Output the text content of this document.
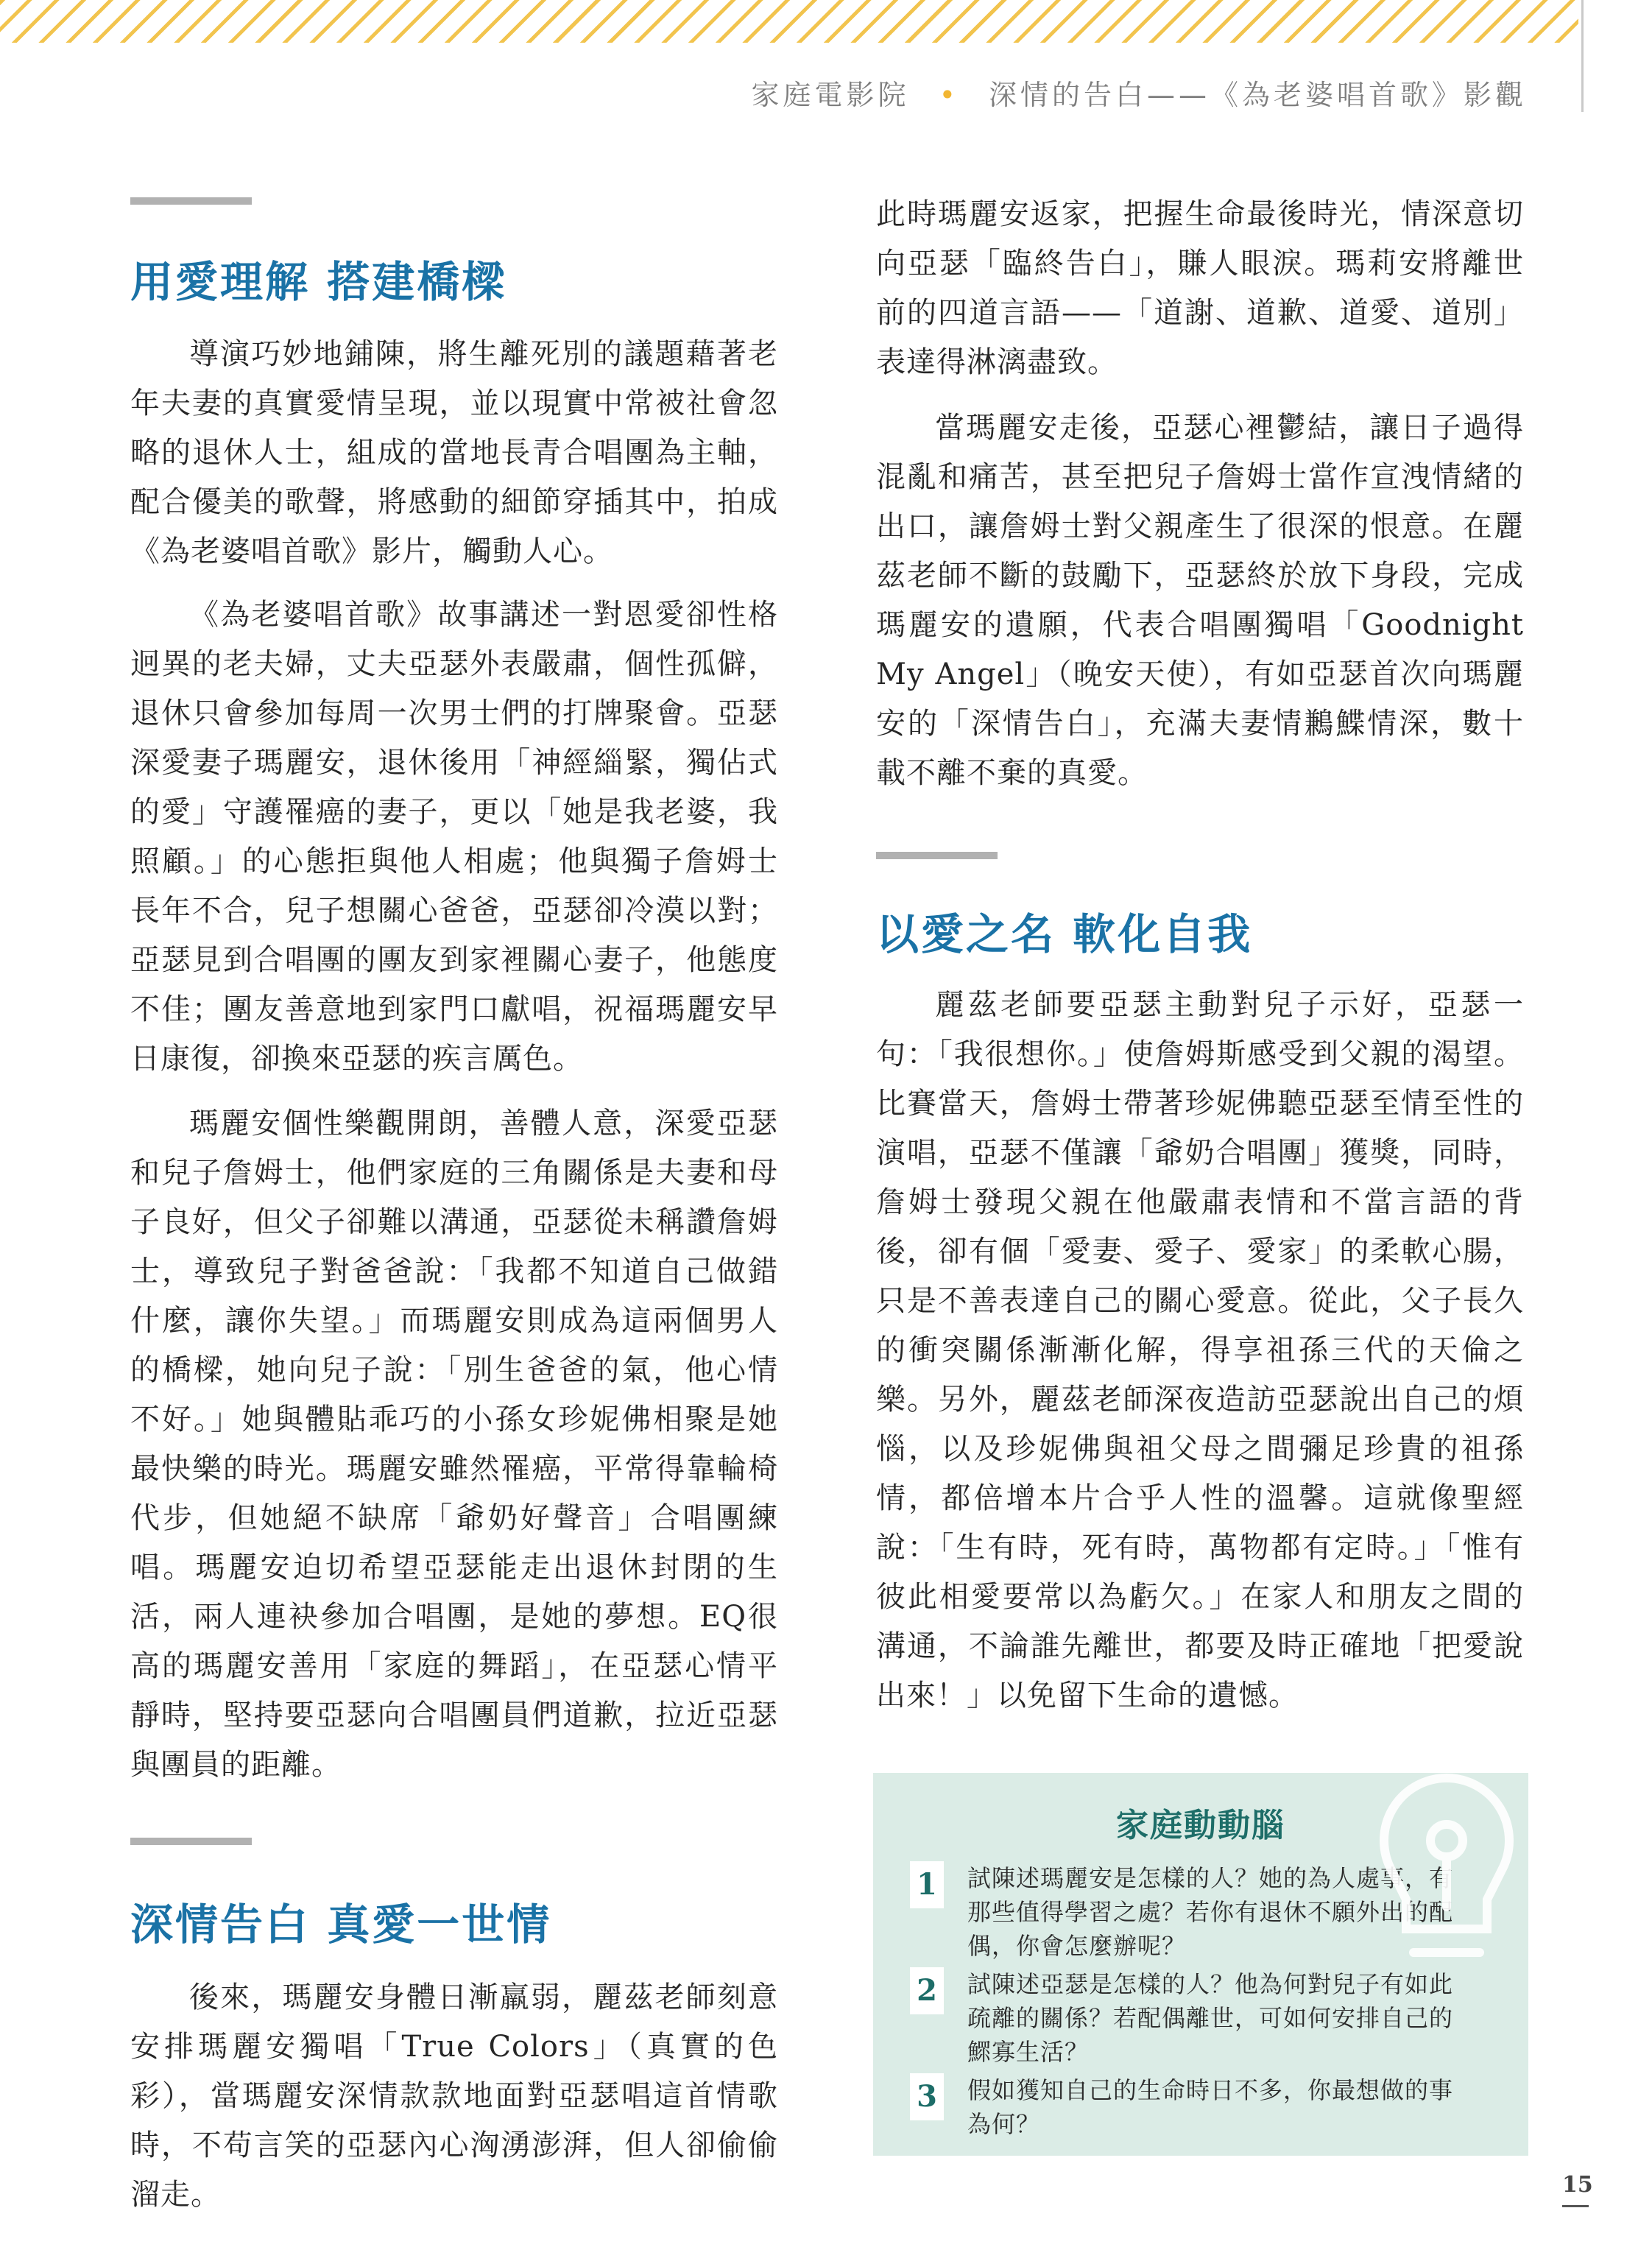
家庭電影院 • 深情的告白——《為老婆唱首歌》影觀
用愛理解 搭建橋樑
導演巧妙地鋪陳，將生離死別的議題藉著老年夫妻的真實愛情呈現，並以現實中常被社會忽略的退休人士，組成的當地長青合唱團為主軸，配合優美的歌聲，將感動的細節穿插其中，拍成《為老婆唱首歌》影片，觸動人心。
《為老婆唱首歌》故事講述一對恩愛卻性格迥異的老夫婦，丈夫亞瑟外表嚴肅，個性孤僻，退休只會參加每周一次男士們的打牌聚會。亞瑟深愛妻子瑪麗安，退休後用「神經緇緊，獨佔式的愛」守護罹癌的妻子，更以「她是我老婆，我照顧。」的心態拒與他人相處；他與獨子詹姆士長年不合，兒子想關心爸爸，亞瑟卻冷漠以對；亞瑟見到合唱團的團友到家裡關心妻子，他態度不佳；團友善意地到家門口獻唱，祝福瑪麗安早日康復，卻換來亞瑟的疾言厲色。
瑪麗安個性樂觀開朗，善體人意，深愛亞瑟和兒子詹姆士，他們家庭的三角關係是夫妻和母子良好，但父子卻難以溝通，亞瑟從未稱讚詹姆士，導致兒子對爸爸說：「我都不知道自己做錯什麼，讓你失望。」而瑪麗安則成為這兩個男人的橋樑，她向兒子說：「別生爸爸的氣，他心情不好。」她與體貼乖巧的小孫女珍妮佛相聚是她最快樂的時光。瑪麗安雖然罹癌，平常得靠輪椅代步，但她絕不缺席「爺奶好聲音」合唱團練唱。瑪麗安迫切希望亞瑟能走出退休封閉的生活，兩人連袂參加合唱團，是她的夢想。EQ很高的瑪麗安善用「家庭的舞蹈」，在亞瑟心情平靜時，堅持要亞瑟向合唱團員們道歉，拉近亞瑟與團員的距離。
深情告白 真愛一世情
後來，瑪麗安身體日漸羸弱，麗茲老師刻意安排瑪麗安獨唱「True Colors」（真實的色彩），當瑪麗安深情款款地面對亞瑟唱這首情歌時，不苟言笑的亞瑟內心洶湧澎湃，但人卻偷偷溜走。
此時瑪麗安返家，把握生命最後時光，情深意切向亞瑟「臨終告白」，賺人眼淚。瑪莉安將離世前的四道言語——「道謝、道歉、道愛、道別」表達得淋漓盡致。
當瑪麗安走後，亞瑟心裡鬱結，讓日子過得混亂和痛苦，甚至把兒子詹姆士當作宣洩情緒的出口，讓詹姆士對父親產生了很深的恨意。在麗茲老師不斷的鼓勵下，亞瑟終於放下身段，完成瑪麗安的遺願，代表合唱團獨唱「Goodnight My Angel」（晚安天使），有如亞瑟首次向瑪麗安的「深情告白」，充滿夫妻情鶼鰈情深，數十載不離不棄的真愛。
以愛之名 軟化自我
麗茲老師要亞瑟主動對兒子示好，亞瑟一句：「我很想你。」使詹姆斯感受到父親的渴望。比賽當天，詹姆士帶著珍妮佛聽亞瑟至情至性的演唱，亞瑟不僅讓「爺奶合唱團」獲獎，同時，詹姆士發現父親在他嚴肅表情和不當言語的背後，卻有個「愛妻、愛子、愛家」的柔軟心腸，只是不善表達自己的關心愛意。從此，父子長久的衝突關係漸漸化解，得享祖孫三代的天倫之樂。另外，麗茲老師深夜造訪亞瑟說出自己的煩惱，以及珍妮佛與祖父母之間彌足珍貴的祖孫情，都倍增本片合乎人性的溫馨。這就像聖經說：「生有時，死有時，萬物都有定時。」「惟有彼此相愛要常以為虧欠。」在家人和朋友之間的溝通，不論誰先離世，都要及時正確地「把愛說出來！」以免留下生命的遺憾。
家庭動動腦
1 試陳述瑪麗安是怎樣的人？她的為人處事，有那些值得學習之處？若你有退休不願外出的配偶，你會怎麼辦呢？
2 試陳述亞瑟是怎樣的人？他為何對兒子有如此疏離的關係？若配偶離世，可如何安排自己的鰥寡生活？
3 假如獲知自己的生命時日不多，你最想做的事為何？
15
